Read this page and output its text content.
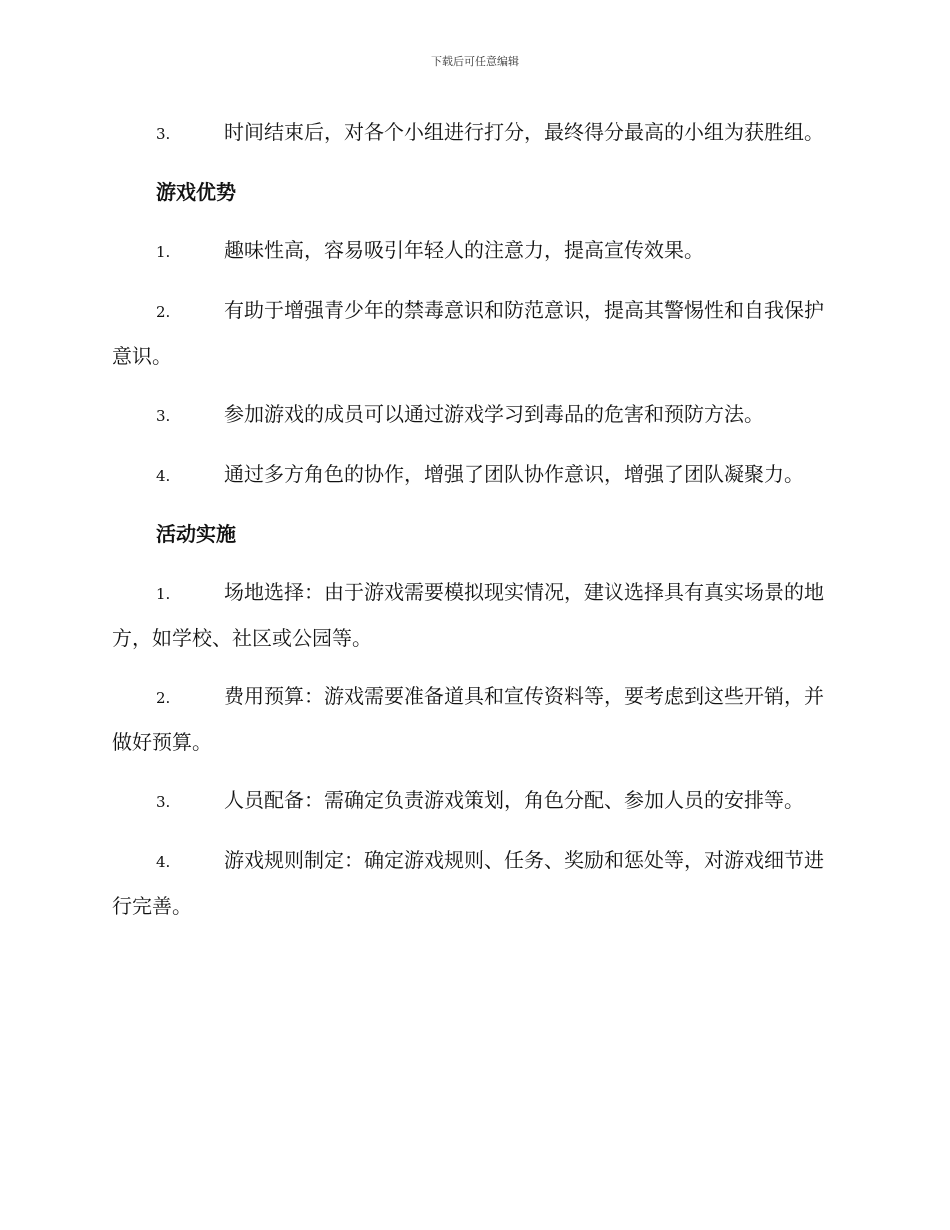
下载后可任意编辑

3.	时间结束后，对各个小组进行打分，最终得分最高的小组为获胜组。

游戏优势

1.	趣味性高，容易吸引年轻人的注意力，提高宣传效果。

2.	有助于增强青少年的禁毒意识和防范意识，提高其警惕性和自我保护意识。

3.	参加游戏的成员可以通过游戏学习到毒品的危害和预防方法。

4.	通过多方角色的协作，增强了团队协作意识，增强了团队凝聚力。

活动实施

1.	场地选择：由于游戏需要模拟现实情况，建议选择具有真实场景的地方，如学校、社区或公园等。

2.	费用预算：游戏需要准备道具和宣传资料等，要考虑到这些开销，并做好预算。

3.	人员配备：需确定负责游戏策划，角色分配、参加人员的安排等。

4.	游戏规则制定：确定游戏规则、任务、奖励和惩处等，对游戏细节进行完善。
